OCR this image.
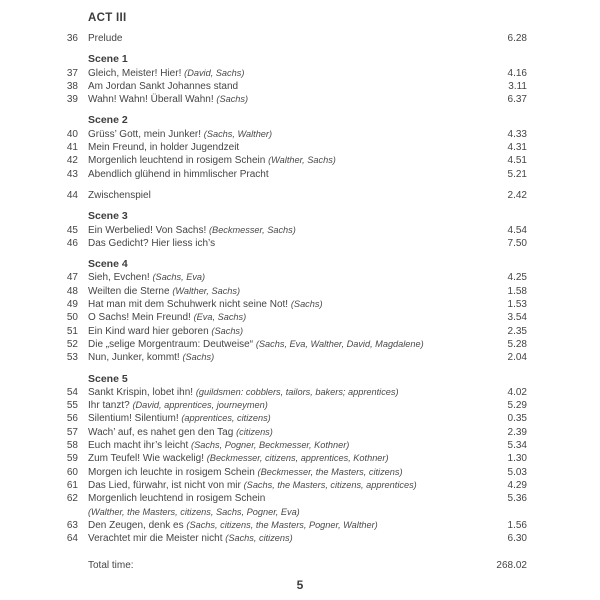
ACT III
36	Prelude	6.28
Scene 1
37	Gleich, Meister! Hier! (David, Sachs)	4.16
38	Am Jordan Sankt Johannes stand	3.11
39	Wahn! Wahn! Überall Wahn! (Sachs)	6.37
Scene 2
40	Grüss’ Gott, mein Junker! (Sachs, Walther)	4.33
41	Mein Freund, in holder Jugendzeit	4.31
42	Morgenlich leuchtend in rosigem Schein (Walther, Sachs)	4.51
43	Abendlich glühend in himmlischer Pracht	5.21
44	Zwischenspiel	2.42
Scene 3
45	Ein Werbelied! Von Sachs! (Beckmesser, Sachs)	4.54
46	Das Gedicht? Hier liess ich’s	7.50
Scene 4
47	Sieh, Evchen! (Sachs, Eva)	4.25
48	Weilten die Sterne (Walther, Sachs)	1.58
49	Hat man mit dem Schuhwerk nicht seine Not! (Sachs)	1.53
50	O Sachs! Mein Freund! (Eva, Sachs)	3.54
51	Ein Kind ward hier geboren (Sachs)	2.35
52	Die „selige Morgentraum: Deutweise“ (Sachs, Eva, Walther, David, Magdalene)	5.28
53	Nun, Junker, kommt! (Sachs)	2.04
Scene 5
54	Sankt Krispin, lobet ihn! (guildsmen: cobblers, tailors, bakers; apprentices)	4.02
55	Ihr tanzt? (David, apprentices, journeymen)	5.29
56	Silentium! Silentium! (apprentices, citizens)	0.35
57	Wach’ auf, es nahet gen den Tag (citizens)	2.39
58	Euch macht ihr’s leicht (Sachs, Pogner, Beckmesser, Kothner)	5.34
59	Zum Teufel! Wie wackelig! (Beckmesser, citizens, apprentices, Kothner)	1.30
60	Morgen ich leuchte in rosigem Schein (Beckmesser, the Masters, citizens)	5.03
61	Das Lied, fürwahr, ist nicht von mir (Sachs, the Masters, citizens, apprentices)	4.29
62	Morgenlich leuchtend in rosigem Schein	5.36
(Walther, the Masters, citizens, Sachs, Pogner, Eva)
63	Den Zeugen, denk es (Sachs, citizens, the Masters, Pogner, Walther)	1.56
64	Verachtet mir die Meister nicht (Sachs, citizens)	6.30
Total time:	268.02
5
